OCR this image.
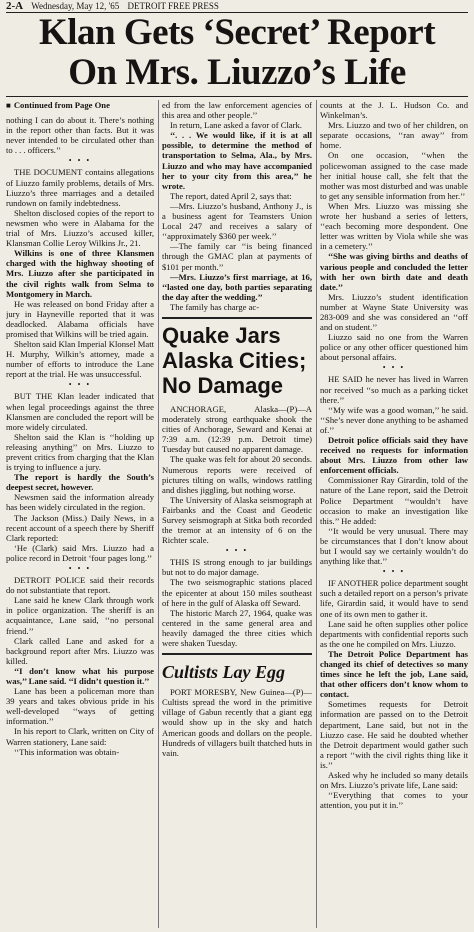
2-A Wednesday, May 12, '65 DETROIT FREE PRESS
Klan Gets ‘Secret’ Report
On Mrs. Liuzzo’s Life

■ Continued from Page One

nothing I can do about it. There’s nothing in the report other than facts. But it was never intended to be circulated other than to . . . officers.’’

• • •

THE DOCUMENT contains allegations of Liuzzo family problems, details of Mrs. Liuzzo’s three marriages and a detailed rundown on family indebtedness.

Shelton disclosed copies of the report to newsmen who were in Alabama for the trial of Mrs. Liuzzo’s accused killer, Klansman Collie Leroy Wilkins Jr., 21.

Wilkins is one of three Klansmen charged with the highway shooting of Mrs. Liuzzo after she participated in the civil rights walk from Selma to Montgomery in March.

He was released on bond Friday after a jury in Hayneville reported that it was deadlocked. Alabama officials have promised that Wilkins will be tried again.

Shelton said Klan Imperial Klonsel Matt H. Murphy, Wilkin’s attorney, made a number of efforts to introduce the Lane report at the trial. He was unsuccessful.

• • •

BUT THE Klan leader indicated that when legal proceedings against the three Klansmen are concluded the report will be more widely circulated.

Shelton said the Klan is ‘‘holding up releasing anything’’ on Mrs. Liuzzo to prevent critics from charging that the Klan is trying to influence a jury.

The report is hardly the South’s deepest secret, however.

Newsmen said the information already has been widely circulated in the region.

The Jackson (Miss.) Daily News, in a recent account of a speech there by Sheriff Clark reported:

‘He (Clark) said Mrs. Liuzzo had a police record in Detroit ‘four pages long.’’

• • •

DETROIT POLICE said their records do not substantiate that report.

Lane said he knew Clark through work in police organization. The sheriff is an acquaintance, Lane said, ‘‘no personal friend.’’

Clark called Lane and asked for a background report after Mrs. Liuzzo was killed.

‘‘I don’t know what his purpose was,’’ Lane said. ‘‘I didn’t question it.’’

Lane has been a policeman more than 39 years and takes obvious pride in his well-developed ‘‘ways of getting information.’’

In his report to Clark, written on City of Warren stationery, Lane said:

‘‘This information was obtain-

ed from the law enforcement agencies of this area and other people.’’

In return, Lane asked a favor of Clark.

‘‘. . . We would like, if it is at all possible, to determine the method of transportation to Selma, Ala., by Mrs. Liuzzo and who may have accompanied her to your city from this area,’’ he wrote.

The report, dated April 2, says that:

—Mrs. Liuzzo’s husband, Anthony J., is a business agent for Teamsters Union Local 247 and receives a salary of ‘‘approximately $360 per week.’’

—The family car ‘‘is being financed through the GMAC plan at payments of $101 per month.’’

—Mrs. Liuzzo’s first marriage, at 16, ‘‘lasted one day, both parties separating the day after the wedding.’’

The family has charge ac-

Quake Jars Alaska Cities; No Damage

ANCHORAGE, Alaska—(P)—A moderately strong earthquake shook the cities of Anchorage, Seward and Kenai at 7:39 a.m. (12:39 p.m. Detroit time) Tuesday but caused no apparent damage.

The quake was felt for about 20 seconds. Numerous reports were received of pictures tilting on walls, windows rattling and dishes jiggling, but nothing worse.

The University of Alaska seismograph at Fairbanks and the Coast and Geodetic Survey seismograph at Sitka both recorded the tremor at an intensity of 6 on the Richter scale.

• • •

THIS IS strong enough to jar buildings but not to do major damage.

The two seismographic stations placed the epicenter at about 150 miles southeast of here in the gulf of Alaska off Seward.

The historic March 27, 1964, quake was centered in the same general area and heavily damaged the three cities which were shaken Tuesday.

Cultists Lay Egg

PORT MORESBY, New Guinea—(P)—Cultists spread the word in the primitive village of Gabun recently that a giant egg would show up in the sky and hatch American goods and dollars on the people. Hundreds of villagers built thatched huts in vain.

counts at the J. L. Hudson Co. and Winkelman’s.

Mrs. Liuzzo and two of her children, on separate occasions, ‘‘ran away’’ from home.

On one occasion, ‘‘when the policewoman assigned to the case made her initial house call, she felt that the mother was most disturbed and was unable to get any sensible information from her.’’

When Mrs. Liuzzo was missing she wrote her husband a series of letters, ‘‘each becoming more despondent. One letter was written by Viola while she was in a cemetery.’’

‘‘She was giving births and deaths of various people and concluded the letter with her own birth date and death date.’’

Mrs. Liuzzo’s student identification number at Wayne State University was 283-009 and she was considered an ‘‘off and on student.’’

Liuzzo said no one from the Warren police or any other officer questioned him about personal affairs.

• • •

HE SAID he never has lived in Warren nor received ‘‘so much as a parking ticket there.’’

‘‘My wife was a good woman,’’ he said. ‘‘She’s never done anything to be ashamed of.’’

Detroit police officials said they have received no requests for information about Mrs. Liuzzo from other law enforcement officials.

Commissioner Ray Girardin, told of the nature of the Lane report, said the Detroit Police Department ‘‘wouldn’t have occasion to make an investigation like this.’’ He added:

‘‘It would be very unusual. There may be circumstances that I don’t know about but I would say we certainly wouldn’t do anything like that.’’

• • •

IF ANOTHER police department sought such a detailed report on a person’s private life, Girardin said, it would have to send one of its own men to gather it.

Lane said he often supplies other police departments with confidential reports such as the one he compiled on Mrs. Liuzzo.

The Detroit Police Department has changed its chief of detectives so many times since he left the job, Lane said, that other officers don’t know whom to contact.

Sometimes requests for Detroit information are passed on to the Detroit department, Lane said, but not in the Liuzzo case. He said he doubted whether the Detroit department would gather such a report ‘‘with the civil rights thing like it is.’’

Asked why he included so many details on Mrs. Liuzzo’s private life, Lane said:

‘‘Everything that comes to your attention, you put it in.’’
